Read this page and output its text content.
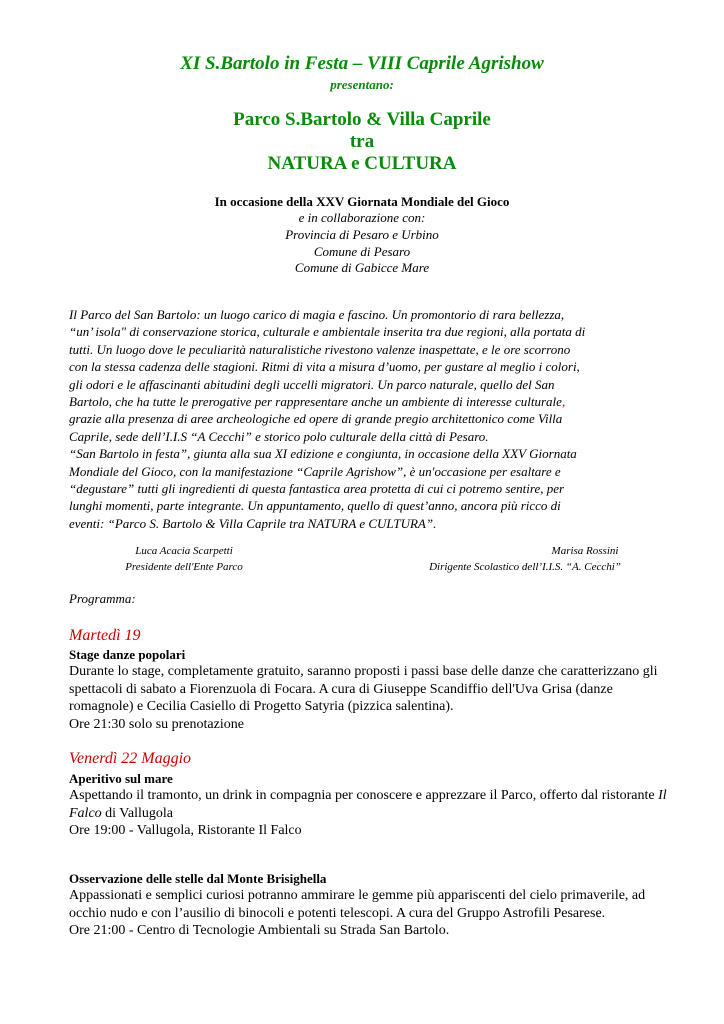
XI S.Bartolo in Festa – VIII Caprile Agrishow
presentano:
Parco S.Bartolo & Villa Caprile
tra
NATURA e CULTURA
In occasione della XXV Giornata Mondiale del Gioco
e in collaborazione con:
Provincia di Pesaro e Urbino
Comune di Pesaro
Comune di Gabicce Mare
Il Parco del San Bartolo: un luogo carico di magia e fascino. Un promontorio di rara bellezza,
“un’ isola" di conservazione storica, culturale e ambientale inserita tra due regioni, alla portata di
tutti. Un luogo dove le peculiarità naturalistiche rivestono valenze inaspettate, e le ore scorrono
con la stessa cadenza delle stagioni. Ritmi di vita a misura d’uomo, per gustare al meglio i colori,
gli odori e le affascinanti abitudini degli uccelli migratori. Un parco naturale, quello del San
Bartolo, che ha tutte le prerogative per rappresentare anche un ambiente di interesse culturale,
grazie alla presenza di aree archeologiche ed opere di grande pregio architettonico come Villa
Caprile, sede dell’I.I.S “A Cecchi” e storico polo culturale della città di Pesaro.
“San Bartolo in festa”, giunta alla sua XI edizione e congiunta, in occasione della XXV Giornata
Mondiale del Gioco, con la manifestazione “Caprile Agrishow”, è un'occasione per esaltare e
“degustare” tutti gli ingredienti di questa fantastica area protetta di cui ci potremo sentire, per
lunghi momenti, parte integrante. Un appuntamento, quello di quest’anno, ancora più ricco di
eventi: “Parco S. Bartolo & Villa Caprile tra NATURA e CULTURA”.
Luca Acacia Scarpetti
Presidente dell'Ente Parco
Marisa Rossini
Dirigente Scolastico dell’I.I.S. “A. Cecchi”
Programma:
Martedì 19
Stage danze popolari
Durante lo stage, completamente gratuito, saranno proposti i passi base delle danze che caratterizzano gli spettacoli di sabato a Fiorenzuola di Focara. A cura di Giuseppe Scandiffio dell'Uva Grisa (danze romagnole) e Cecilia Casiello di Progetto Satyria (pizzica salentina).
Ore 21:30 solo su prenotazione
Venerdì 22 Maggio
Aperitivo sul mare
Aspettando il tramonto, un drink in compagnia per conoscere e apprezzare il Parco, offerto dal ristorante Il Falco di Vallugola
Ore 19:00 - Vallugola, Ristorante Il Falco
Osservazione delle stelle dal Monte Brisighella
Appassionati e semplici curiosi potranno ammirare le gemme più appariscenti del cielo primaverile, ad occhio nudo e con l’ausilio di binocoli e potenti telescopi. A cura del Gruppo Astrofili Pesarese.
Ore 21:00 - Centro di Tecnologie Ambientali su Strada San Bartolo.
